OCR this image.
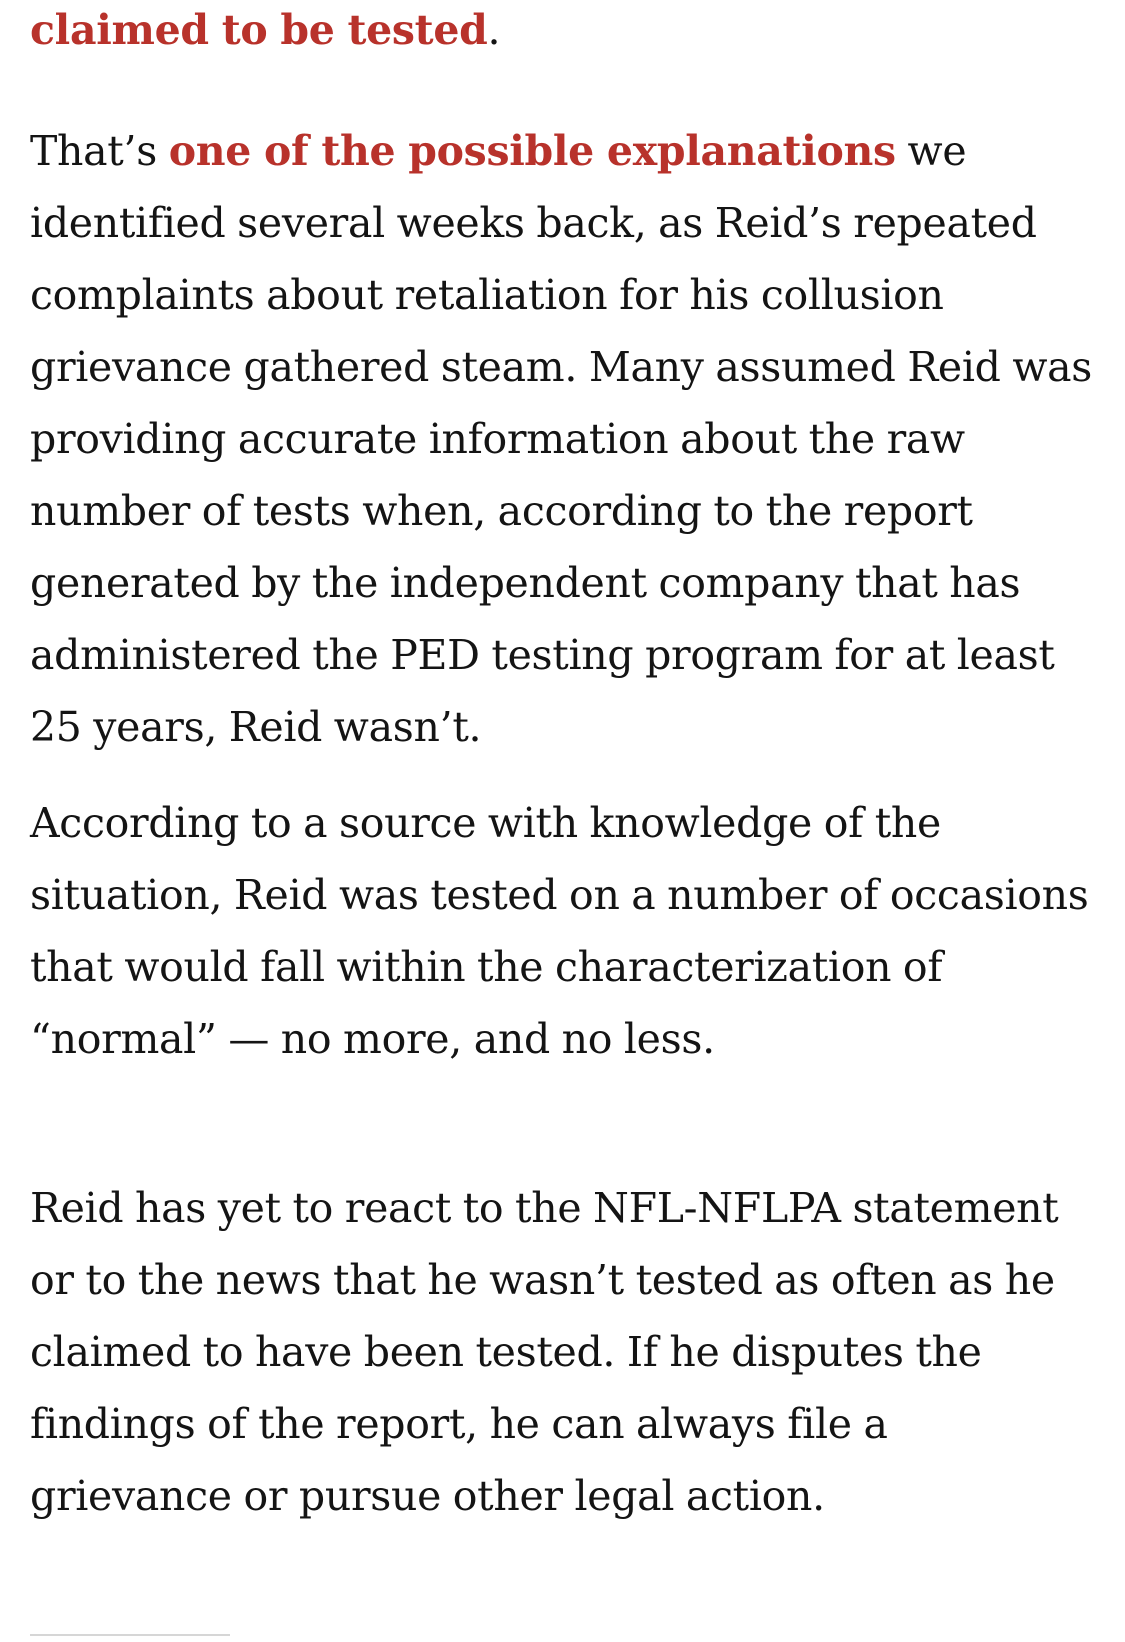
claimed to be tested.

That’s one of the possible explanations we identified several weeks back, as Reid’s repeated complaints about retaliation for his collusion grievance gathered steam. Many assumed Reid was providing accurate information about the raw number of tests when, according to the report generated by the independent company that has administered the PED testing program for at least 25 years, Reid wasn’t.

According to a source with knowledge of the situation, Reid was tested on a number of occasions that would fall within the characterization of “normal” — no more, and no less.

Reid has yet to react to the NFL-NFLPA statement or to the news that he wasn’t tested as often as he claimed to have been tested. If he disputes the findings of the report, he can always file a grievance or pursue other legal action.
